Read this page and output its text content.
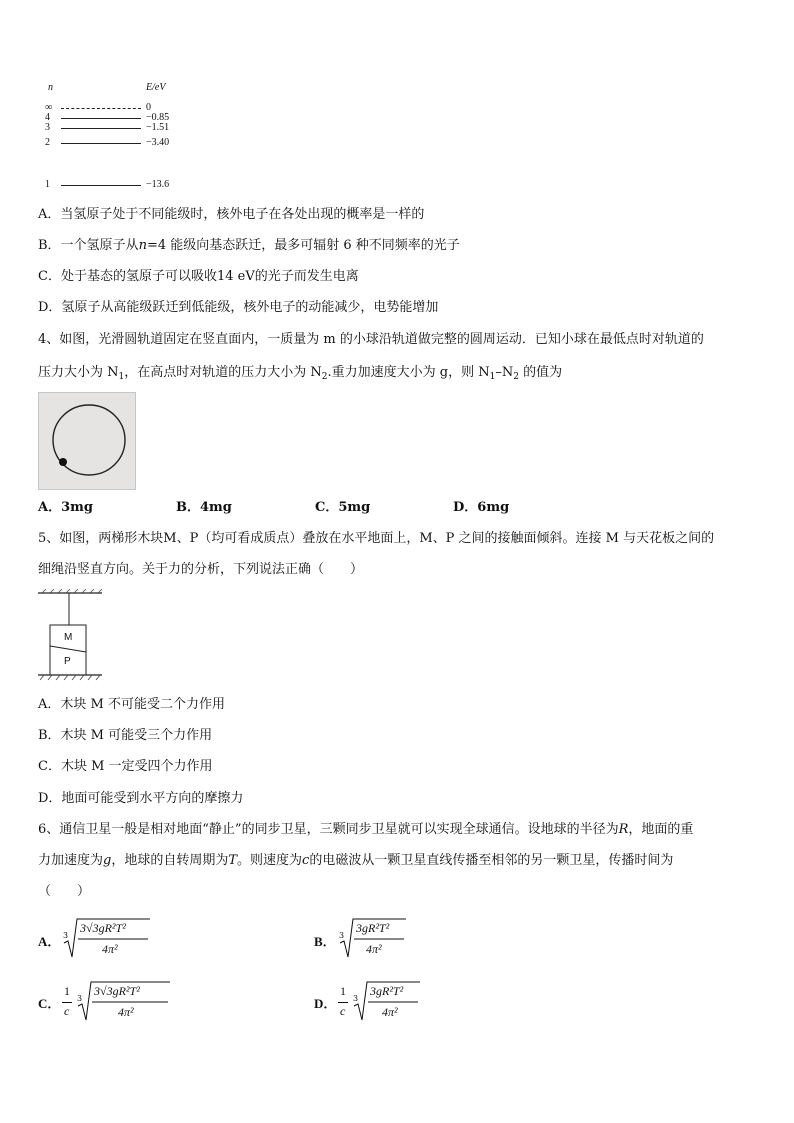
n	E/eV
∞	0
4	−0.85
3	−1.51
2	−3.40
1	−13.6
A．当氢原子处于不同能级时，核外电子在各处出现的概率是一样的
B．一个氢原子从n=4 能级向基态跃迁，最多可辐射 6 种不同频率的光子
C．处于基态的氢原子可以吸收14 eV的光子而发生电离
D．氢原子从高能级跃迁到低能级，核外电子的动能减少，电势能增加
4、如图，光滑圆轨道固定在竖直面内，一质量为 m 的小球沿轨道做完整的圆周运动．已知小球在最低点时对轨道的
压力大小为 $N_1$，在高点时对轨道的压力大小为 $N_2$.重力加速度大小为 g，则 $N_1-N_2$ 的值为
A．3mg	B．4mg	C．5mg	D．6mg
5、如图，两梯形木块M、P（均可看成质点）叠放在水平地面上，M、P 之间的接触面倾斜。连接 M 与天花板之间的
细绳沿竖直方向。关于力的分析，下列说法正确（　　）
M
P
A．木块 M 不可能受二个力作用
B．木块 M 可能受三个力作用
C．木块 M 一定受四个力作用
D．地面可能受到水平方向的摩擦力
6、通信卫星一般是相对地面“静止”的同步卫星，三颗同步卫星就可以实现全球通信。设地球的半径为R，地面的重
力加速度为g，地球的自转周期为T。则速度为c的电磁波从一颗卫星直线传播至相邻的另一颗卫星，传播时间为
（　　）
A． 3
3√3gR²T²
4π²	B． 3
3gR²T²
4π²
C．
1
c
3
3√3gR²T²
4π²
D．
1
c
3
3gR²T²
4π²
